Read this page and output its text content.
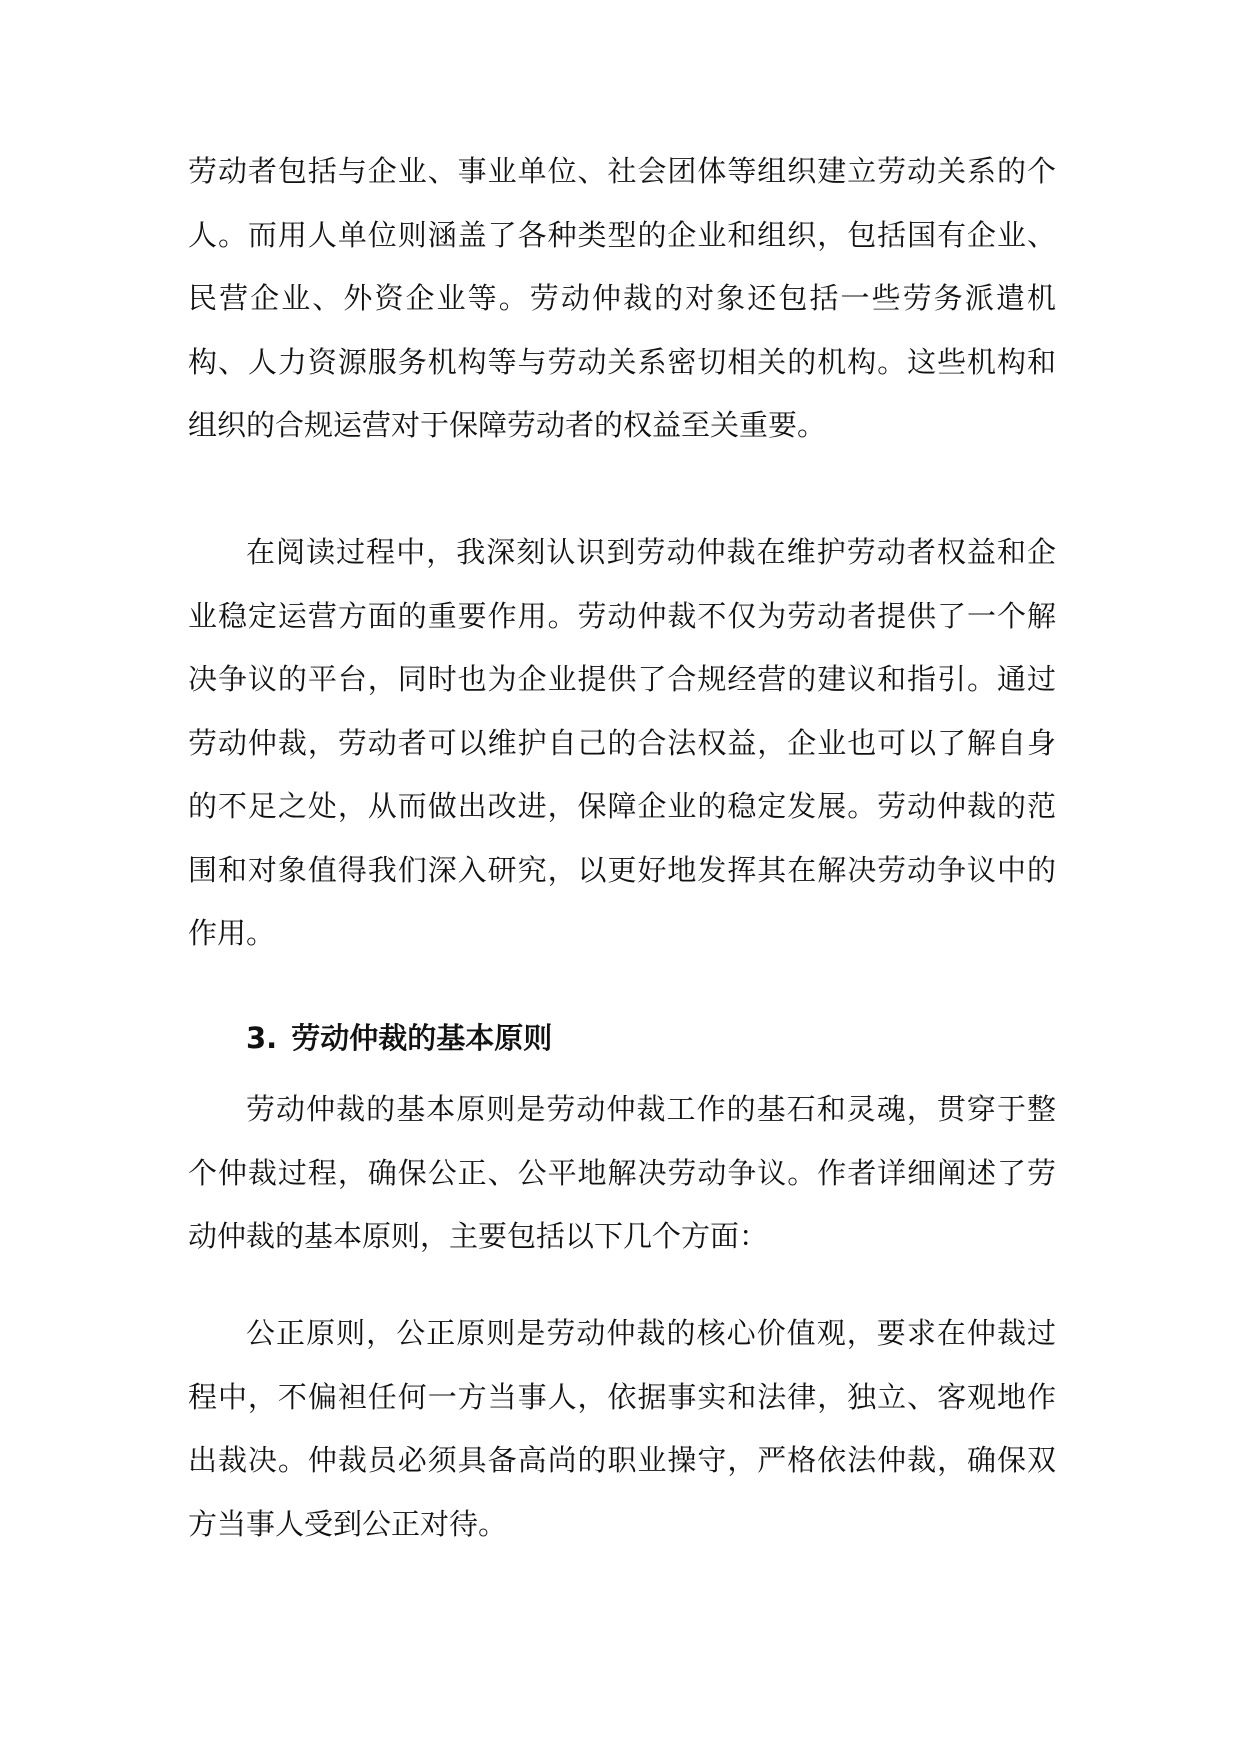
劳动者包括与企业、事业单位、社会团体等组织建立劳动关系的个人。而用人单位则涵盖了各种类型的企业和组织，包括国有企业、民营企业、外资企业等。劳动仲裁的对象还包括一些劳务派遣机构、人力资源服务机构等与劳动关系密切相关的机构。这些机构和组织的合规运营对于保障劳动者的权益至关重要。

在阅读过程中，我深刻认识到劳动仲裁在维护劳动者权益和企业稳定运营方面的重要作用。劳动仲裁不仅为劳动者提供了一个解决争议的平台，同时也为企业提供了合规经营的建议和指引。通过劳动仲裁，劳动者可以维护自己的合法权益，企业也可以了解自身的不足之处，从而做出改进，保障企业的稳定发展。劳动仲裁的范围和对象值得我们深入研究，以更好地发挥其在解决劳动争议中的作用。

3. 劳动仲裁的基本原则

劳动仲裁的基本原则是劳动仲裁工作的基石和灵魂，贯穿于整个仲裁过程，确保公正、公平地解决劳动争议。作者详细阐述了劳动仲裁的基本原则，主要包括以下几个方面：

公正原则，公正原则是劳动仲裁的核心价值观，要求在仲裁过程中，不偏袒任何一方当事人，依据事实和法律，独立、客观地作出裁决。仲裁员必须具备高尚的职业操守，严格依法仲裁，确保双方当事人受到公正对待。
